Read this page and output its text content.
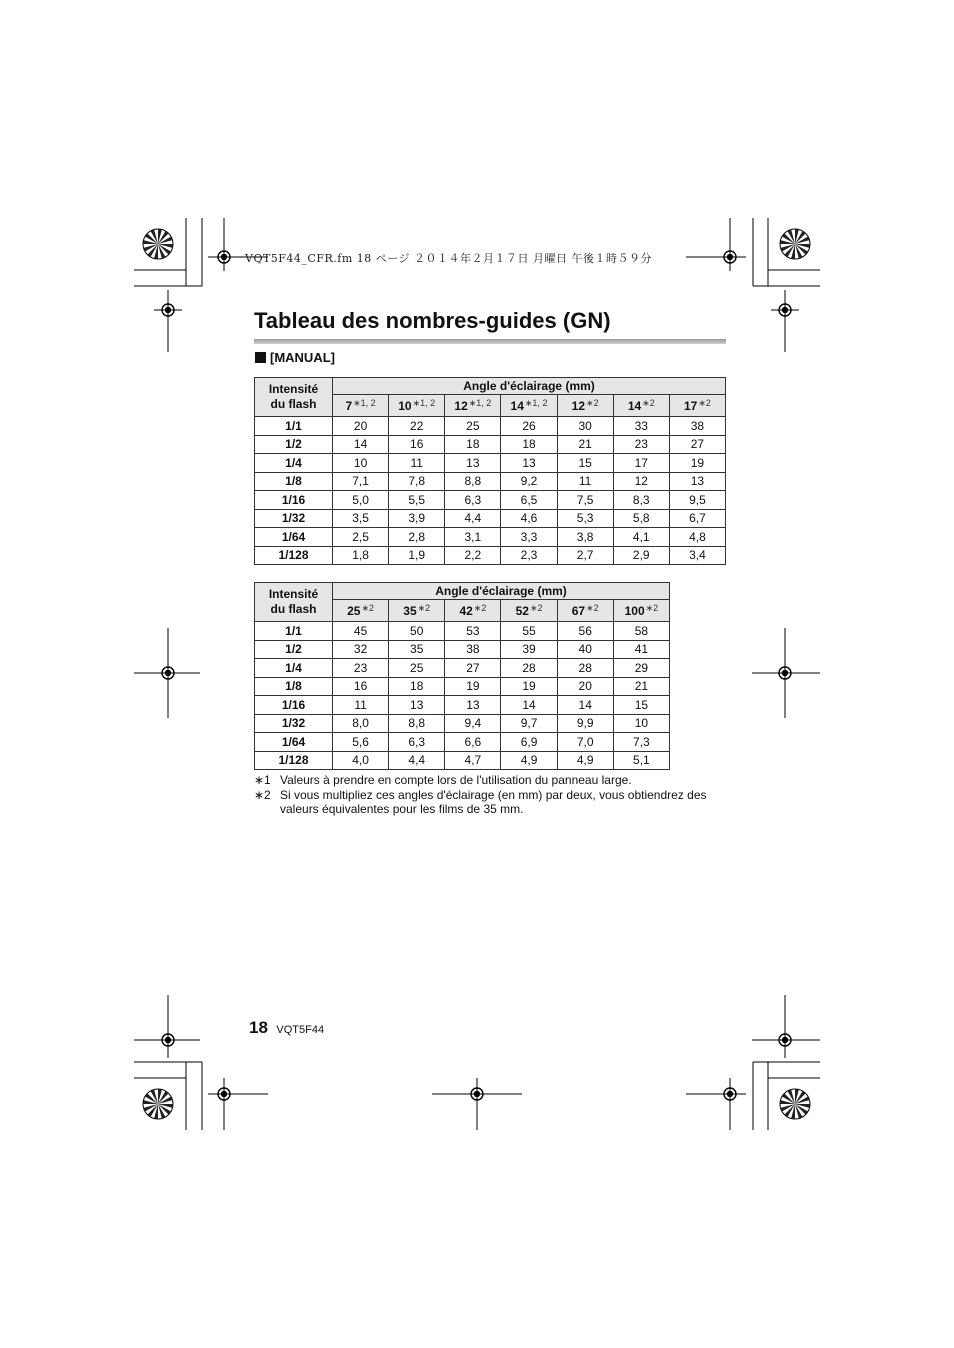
VQT5F44_CFR.fm 18 ページ ２０１４年２月１７日 月曜日 午後１時５９分
Tableau des nombres-guides (GN)
[MANUAL]
Intensité
du flash	Angle d'éclairage (mm)						
	$7^{∗1, 2}$	$10^{∗1, 2}$	$12^{∗1, 2}$	$14^{∗1, 2}$	$12^{∗2}$	$14^{∗2}$	$17^{∗2}$
1/1	20	22	25	26	30	33	38
1/2	14	16	18	18	21	23	27
1/4	10	11	13	13	15	17	19
1/8	7,1	7,8	8,8	9,2	11	12	13
1/16	5,0	5,5	6,3	6,5	7,5	8,3	9,5
1/32	3,5	3,9	4,4	4,6	5,3	5,8	6,7
1/64	2,5	2,8	3,1	3,3	3,8	4,1	4,8
1/128	1,8	1,9	2,2	2,3	2,7	2,9	3,4
Intensité
du flash	Angle d'éclairage (mm)					
	$25^{∗2}$	$35^{∗2}$	$42^{∗2}$	$52^{∗2}$	$67^{∗2}$	$100^{∗2}$
1/1	45	50	53	55	56	58
1/2	32	35	38	39	40	41
1/4	23	25	27	28	28	29
1/8	16	18	19	19	20	21
1/16	11	13	13	14	14	15
1/32	8,0	8,8	9,4	9,7	9,9	10
1/64	5,6	6,3	6,6	6,9	7,0	7,3
1/128	4,0	4,4	4,7	4,9	4,9	5,1
∗1 Valeurs à prendre en compte lors de l'utilisation du panneau large.
∗2 Si vous multipliez ces angles d'éclairage (en mm) par deux, vous obtiendrez des valeurs équivalentes pour les films de 35 mm.
18 VQT5F44
